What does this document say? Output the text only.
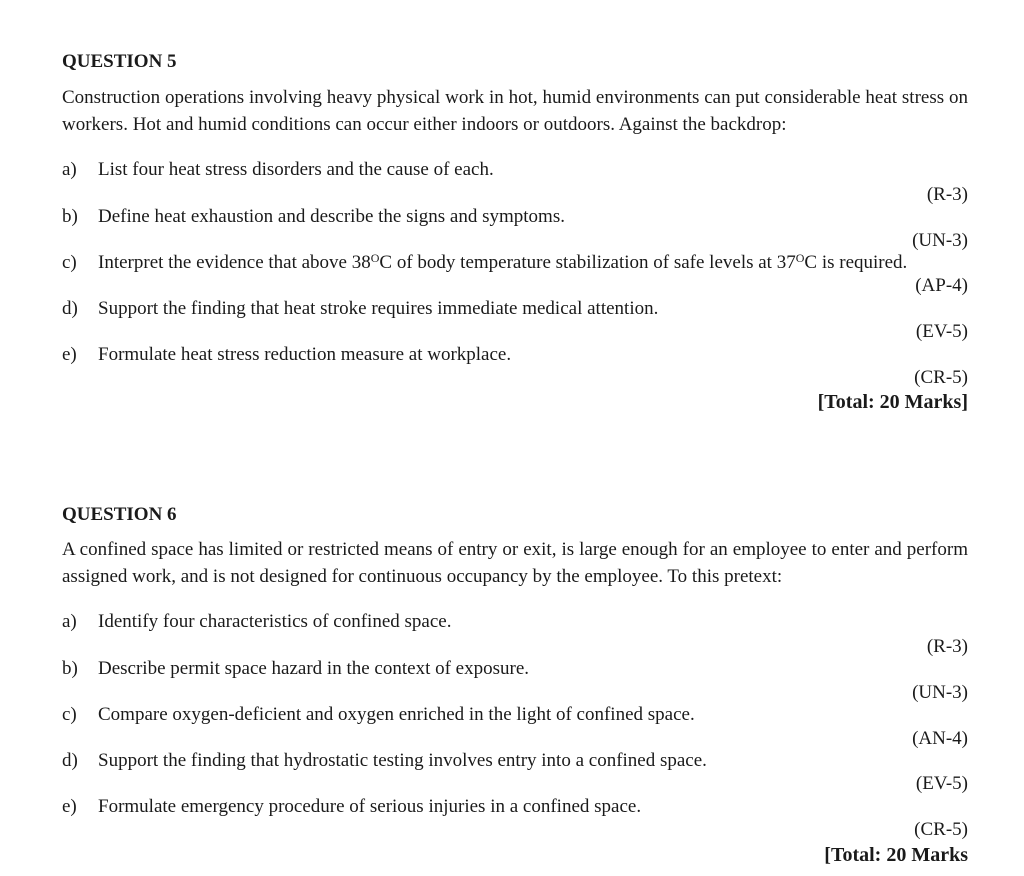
QUESTION 5
Construction operations involving heavy physical work in hot, humid environments can put considerable heat stress on workers. Hot and humid conditions can occur either indoors or outdoors. Against the backdrop:
a) List four heat stress disorders and the cause of each.
(R-3)
b) Define heat exhaustion and describe the signs and symptoms.
(UN-3)
c) Interpret the evidence that above $38^OC$ of body temperature stabilization of safe levels at $37^OC$ is required.
(AP-4)
d) Support the finding that heat stroke requires immediate medical attention.
(EV-5)
e) Formulate heat stress reduction measure at workplace.
(CR-5)
[Total: 20 Marks]
QUESTION 6
A confined space has limited or restricted means of entry or exit, is large enough for an employee to enter and perform assigned work, and is not designed for continuous occupancy by the employee. To this pretext:
a) Identify four characteristics of confined space.
(R-3)
b) Describe permit space hazard in the context of exposure.
(UN-3)
c) Compare oxygen-deficient and oxygen enriched in the light of confined space.
(AN-4)
d) Support the finding that hydrostatic testing involves entry into a confined space.
(EV-5)
e) Formulate emergency procedure of serious injuries in a confined space.
(CR-5)
[Total: 20 Marks
